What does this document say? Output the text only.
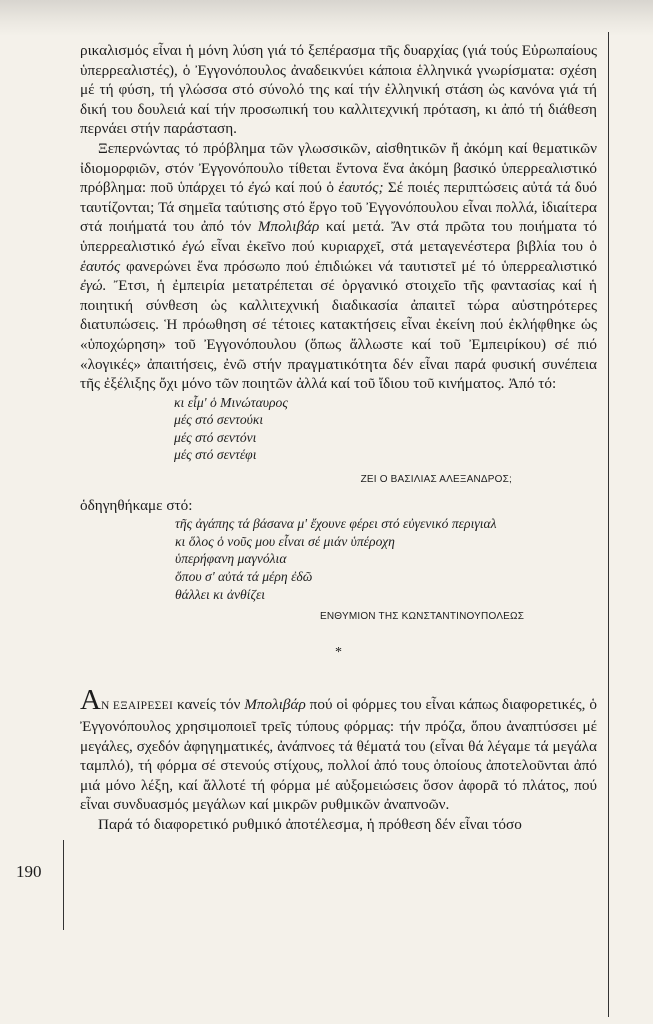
190

ρικαλισμός εἶναι ἡ μόνη λύση γιά τό ξεπέρασμα τῆς δυαρχίας (γιά τούς Εὐρωπαίους ὑπερρεαλιστές), ὁ Ἐγγονόπουλος ἀναδεικνύει κάποια ἑλληνικά γνωρίσματα: σχέση μέ τή φύση, τή γλώσσα στό σύνολό της καί τήν ἐλληνική στάση ὡς κανόνα γιά τή δική του δουλειά καί τήν προσωπική του καλλιτεχνική πρόταση, κι ἀπό τή διάθεση περνάει στήν παράσταση.

Ξεπερνώντας τό πρόβλημα τῶν γλωσσικῶν, αἰσθητικῶν ἤ ἀκόμη καί θεματικῶν ἰδιομορφιῶν, στόν Ἐγγονόπουλο τίθεται ἔντονα ἕνα ἀκόμη βασικό ὑπερρεαλιστικό πρόβλημα: ποῦ ὑπάρχει τό ἐγώ καί πού ὁ ἑαυτός; Σέ ποιές περιπτώσεις αὐτά τά δυό ταυτίζονται; Τά σημεῖα ταύτισης στό ἔργο τοῦ Ἐγγονόπουλου εἶναι πολλά, ἰδιαίτερα στά ποιήματά του ἀπό τόν Μπολιβάρ καί μετά. Ἄν στά πρῶτα του ποιήματα τό ὑπερρεαλιστικό ἐγώ εἶναι ἐκεῖνο πού κυριαρχεῖ, στά μεταγενέστερα βιβλία του ὁ ἑαυτός φανερώνει ἕνα πρόσωπο πού ἐπιδιώκει νά ταυτιστεῖ μέ τό ὑπερρεαλιστικό ἐγώ. Ἔτσι, ἡ ἐμπειρία μετατρέπεται σέ ὀργανικό στοιχεῖο τῆς φαντασίας καί ἡ ποιητική σύνθεση ὡς καλλιτεχνική διαδικασία ἀπαιτεῖ τώρα αὐστηρότερες διατυπώσεις. Ἡ πρόωθηση σέ τέτοιες κατακτήσεις εἶναι ἐκείνη πού ἐκλήφθηκε ὡς «ὑποχώρηση» τοῦ Ἐγγονόπουλου (ὅπως ἄλλωστε καί τοῦ Ἐμπειρίκου) σέ πιό «λογικές» ἀπαιτήσεις, ἐνῶ στήν πραγματικότητα δέν εἶναι παρά φυσική συνέπεια τῆς ἐξέλιξης ὄχι μόνο τῶν ποιητῶν ἀλλά καί τοῦ ἴδιου τοῦ κινήματος. Ἀπό τό:

κι εἶμ' ὁ Μινώταυρος
μές στό σεντούκι
μές στό σεντόνι
μές στό σεντέφι
ΖΕΙ Ο ΒΑΣΙΛΙΑΣ ΑΛΕΞΑΝΔΡΟΣ;

ὁδηγηθήκαμε στό:

τῆς ἀγάπης τά βάσανα μ' ἔχουνε φέρει στό εὐγενικό περιγιαλ
κι ὅλος ὁ νοῦς μου εἶναι σέ μιάν ὑπέροχη
ὑπερήφανη μαγνόλια
ὅπου σ' αὐτά τά μέρη ἐδῶ
θάλλει κι ἀνθίζει
ΕΝΘΥΜΙΟΝ ΤΗΣ ΚΩΝΣΤΑΝΤΙΝΟΥΠΟΛΕΩΣ
*

ΑΝ ΕΞΑΙΡΕΣΕΙ κανείς τόν Μπολιβάρ πού οἱ φόρμες του εἶναι κάπως διαφορετικές, ὁ Ἐγγονόπουλος χρησιμοποιεῖ τρεῖς τύπους φόρμας: τήν πρόζα, ὅπου ἀναπτύσσει μέ μεγάλες, σχεδόν ἀφηγηματικές, ἀνάπνοες τά θέματά του (εἶναι θά λέγαμε τά μεγάλα ταμπλό), τή φόρμα σέ στενούς στίχους, πολλοί ἀπό τους ὁποίους ἀποτελοῦνται ἀπό μιά μόνο λέξη, καί ἄλλοτέ τή φόρμα μέ αὐξομειώσεις ὅσον ἀφορᾶ τό πλάτος, πού εἶναι συνδυασμός μεγάλων καί μικρῶν ρυθμικῶν ἀναπνοῶν.

Παρά τό διαφορετικό ρυθμικό ἀποτέλεσμα, ἡ πρόθεση δέν εἶναι τόσο
